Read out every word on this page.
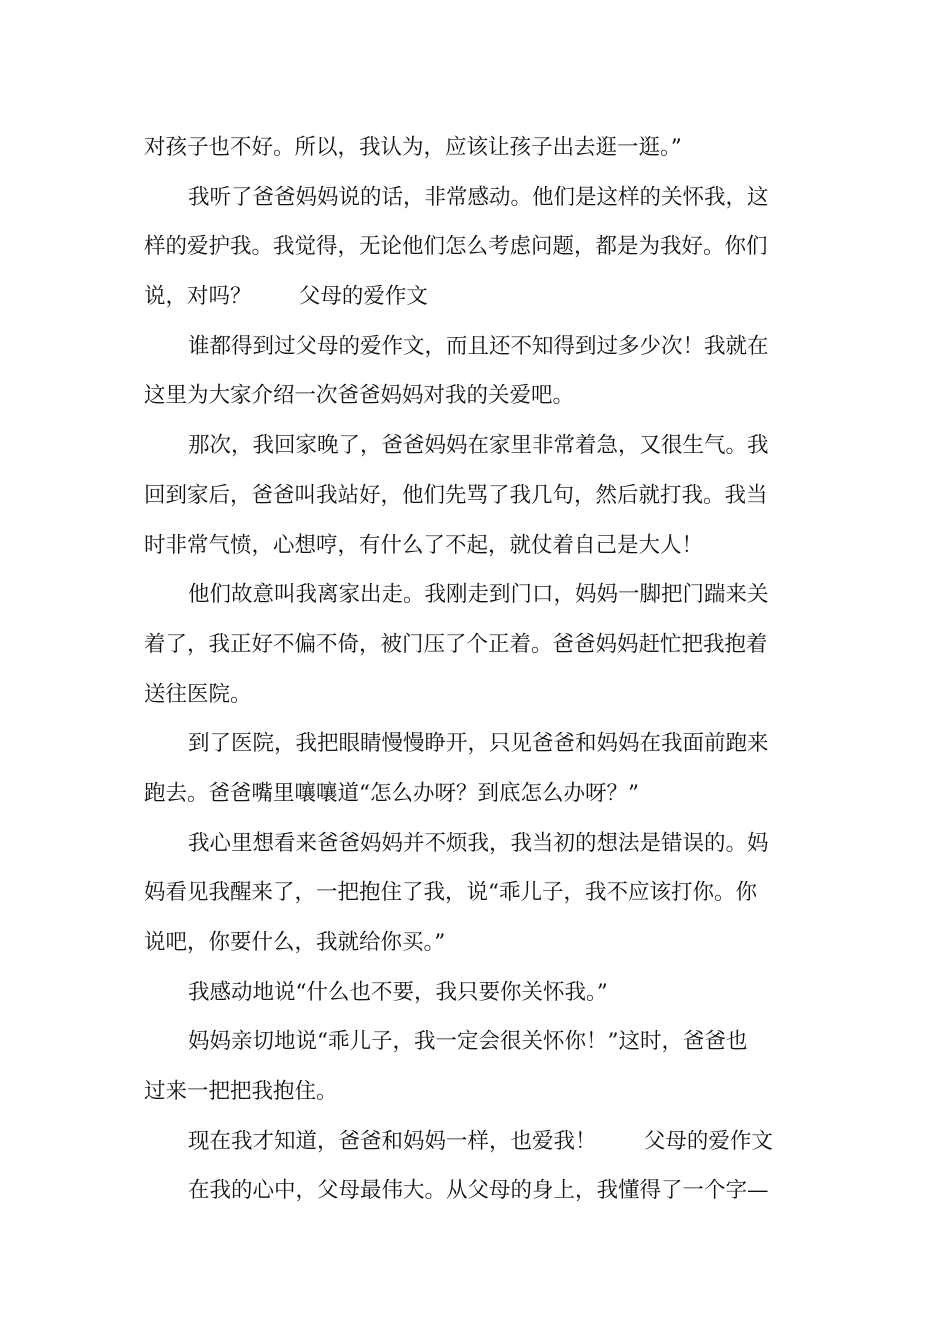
对孩子也不好。所以，我认为，应该让孩子出去逛一逛。”
我听了爸爸妈妈说的话，非常感动。他们是这样的关怀我，这
样的爱护我。我觉得，无论他们怎么考虑问题，都是为我好。你们
说，对吗？ 父母的爱作文
谁都得到过父母的爱作文，而且还不知得到过多少次！我就在
这里为大家介绍一次爸爸妈妈对我的关爱吧。
那次，我回家晚了，爸爸妈妈在家里非常着急，又很生气。我
回到家后，爸爸叫我站好，他们先骂了我几句，然后就打我。我当
时非常气愤，心想哼，有什么了不起，就仗着自己是大人！
他们故意叫我离家出走。我刚走到门口，妈妈一脚把门踹来关
着了，我正好不偏不倚，被门压了个正着。爸爸妈妈赶忙把我抱着
送往医院。
到了医院，我把眼睛慢慢睁开，只见爸爸和妈妈在我面前跑来
跑去。爸爸嘴里嚷嚷道“怎么办呀？到底怎么办呀？”
我心里想看来爸爸妈妈并不烦我，我当初的想法是错误的。妈
妈看见我醒来了，一把抱住了我，说“乖儿子，我不应该打你。你
说吧，你要什么，我就给你买。”
我感动地说“什么也不要，我只要你关怀我。”
妈妈亲切地说“乖儿子，我一定会很关怀你！”这时，爸爸也
过来一把把我抱住。
现在我才知道，爸爸和妈妈一样，也爱我！ 父母的爱作文
在我的心中，父母最伟大。从父母的身上，我懂得了一个字—
